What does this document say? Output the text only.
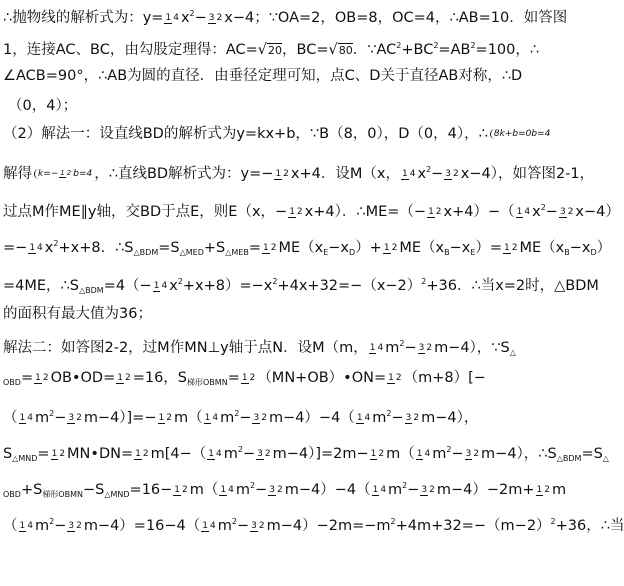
∴抛物线的解析式为：y= 1 4 $x^2- 3$ 2 x−4；∵OA=2，OB=8，OC=4，∴AB=10．如答图
1，连接AC、BC，由勾股定理得：AC=√20，BC=√80．$\because AC^2+BC^2=AB^2=100$，∴
∠ACB=90°，∴AB为圆的直径．由垂径定理可知，点C、D关于直径AB对称，∴D
（0，4）；
（2）解法一：设直线BD的解析式为y=kx+b，∵B（8，0），D（0，4），∴ 8k+b=0b=4
解得 k=− 1 2 b=4 ，∴直线BD解析式为：y=− 1 2 x+4．设M（x， 1 4 $x^2- 3$ 2 x−4），如答图2-1，
过点M作ME∥y轴，交BD于点E，则E（x，− 1 2 x+4）．∴ME=（− 1 2 x+4）−（ 1 4 $x^2- 3$ 2 x−4）
=− 1 4 $x^2+x+8$．$\therefore S_{\triangle BDM}=S_{\triangle MED}+S_{\triangle MEB}= 1$ 2 $ME(x_E-x_D)+ 1$ 2 $ME(x_B-x_E)= 1$ 2 $ME(x_B-x_D)$
=4ME，$\therefore S_{\triangle BDM}=4(- 1$ 4 $x^2+x+8)=-x^2+4x+32=-(x-2)^2+36$．∴当x=2时，△BDM
的面积有最大值为36；
解法二：如答图2-2，过M作MN⊥y轴于点N．设M（m， 1 4 $m^2- 3$ 2 m−4），$\because S_\triangle$
$_{OBD}$= 1 2 OB•OD= 1 2 =16，$S_{梯形OBMN}= 1$ 2 （MN+OB）•ON= 1 2 （m+8）[−
（ 1 4 $m^2- 3$ 2 m−4）]=− 1 2 m（ 1 4 $m^2- 3$ 2 m−4）−4（ 1 4 $m^2- 3$ 2 m−4），
$S_{\triangle MND}= 1$ 2 MN•DN= 1 2 m[4−（ 1 4 $m^2- 3$ 2 m−4）]=2m− 1 2 m（ 1 4 $m^2- 3$ 2 m−4），$\therefore S_{\triangle BDM}=S_\triangle$
$_{OBD}+S_{梯形OBMN}-S_{\triangle MND}=16- 1$ 2 m（ 1 4 $m^2- 3$ 2 m−4）−4（ 1 4 $m^2- 3$ 2 m−4）−2m+ 1 2 m
（ 1 4 $m^2- 3$ 2 m−4）=16−4（ 1 4 $m^2- 3$ 2 $m-4)-2m=-m^2+4m+32=-(m-2)^2+36$，∴当
